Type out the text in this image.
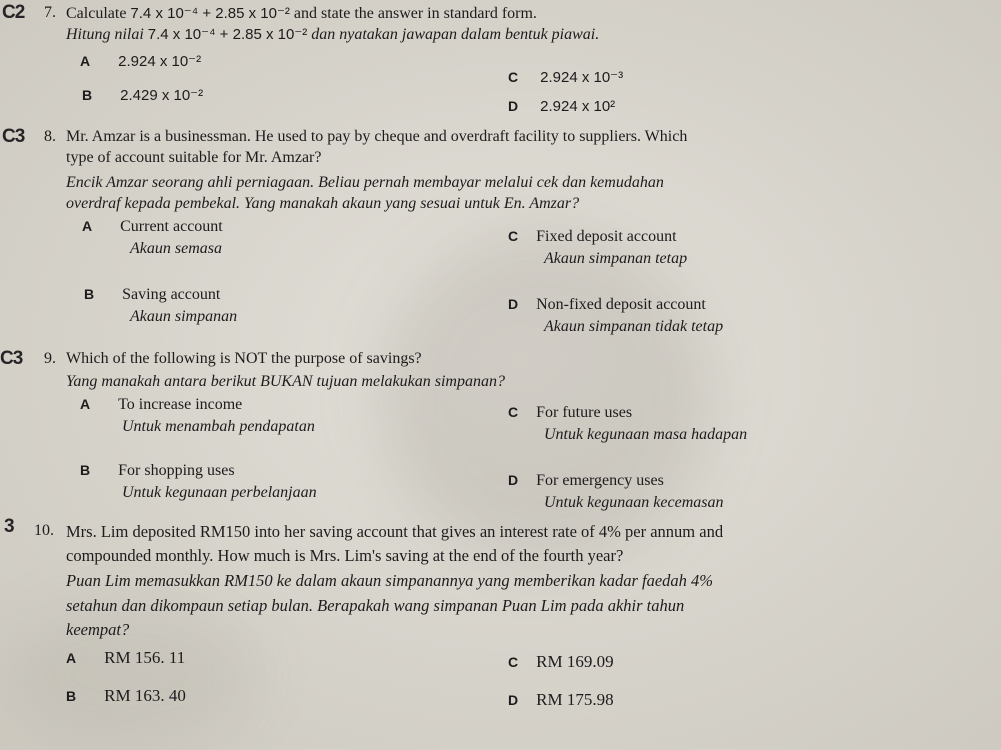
C2 7. Calculate 7.4 x 10⁻⁴ + 2.85 x 10⁻² and state the answer in standard form.
Hitung nilai 7.4 x 10⁻⁴ + 2.85 x 10⁻² dan nyatakan jawapan dalam bentuk piawai.
A 2.924 x 10⁻²
B 2.429 x 10⁻²
C 2.924 x 10⁻³
D 2.924 x 10²
C3 8. Mr. Amzar is a businessman. He used to pay by cheque and overdraft facility to suppliers. Which
type of account suitable for Mr. Amzar?
Encik Amzar seorang ahli perniagaan. Beliau pernah membayar melalui cek dan kemudahan
overdraf kepada pembekal. Yang manakah akaun yang sesuai untuk En. Amzar?
A Current account
Akaun semasa
B Saving account
Akaun simpanan
C Fixed deposit account
Akaun simpanan tetap
D Non-fixed deposit account
Akaun simpanan tidak tetap
C3 9. Which of the following is NOT the purpose of savings?
Yang manakah antara berikut BUKAN tujuan melakukan simpanan?
A To increase income
Untuk menambah pendapatan
B For shopping uses
Untuk kegunaan perbelanjaan
C For future uses
Untuk kegunaan masa hadapan
D For emergency uses
Untuk kegunaan kecemasan
3 10. Mrs. Lim deposited RM150 into her saving account that gives an interest rate of 4% per annum and
compounded monthly. How much is Mrs. Lim's saving at the end of the fourth year?
Puan Lim memasukkan RM150 ke dalam akaun simpanannya yang memberikan kadar faedah 4%
setahun dan dikompaun setiap bulan. Berapakah wang simpanan Puan Lim pada akhir tahun
keempat?
A RM 156. 11
B RM 163. 40
C RM 169.09
D RM 175.98
